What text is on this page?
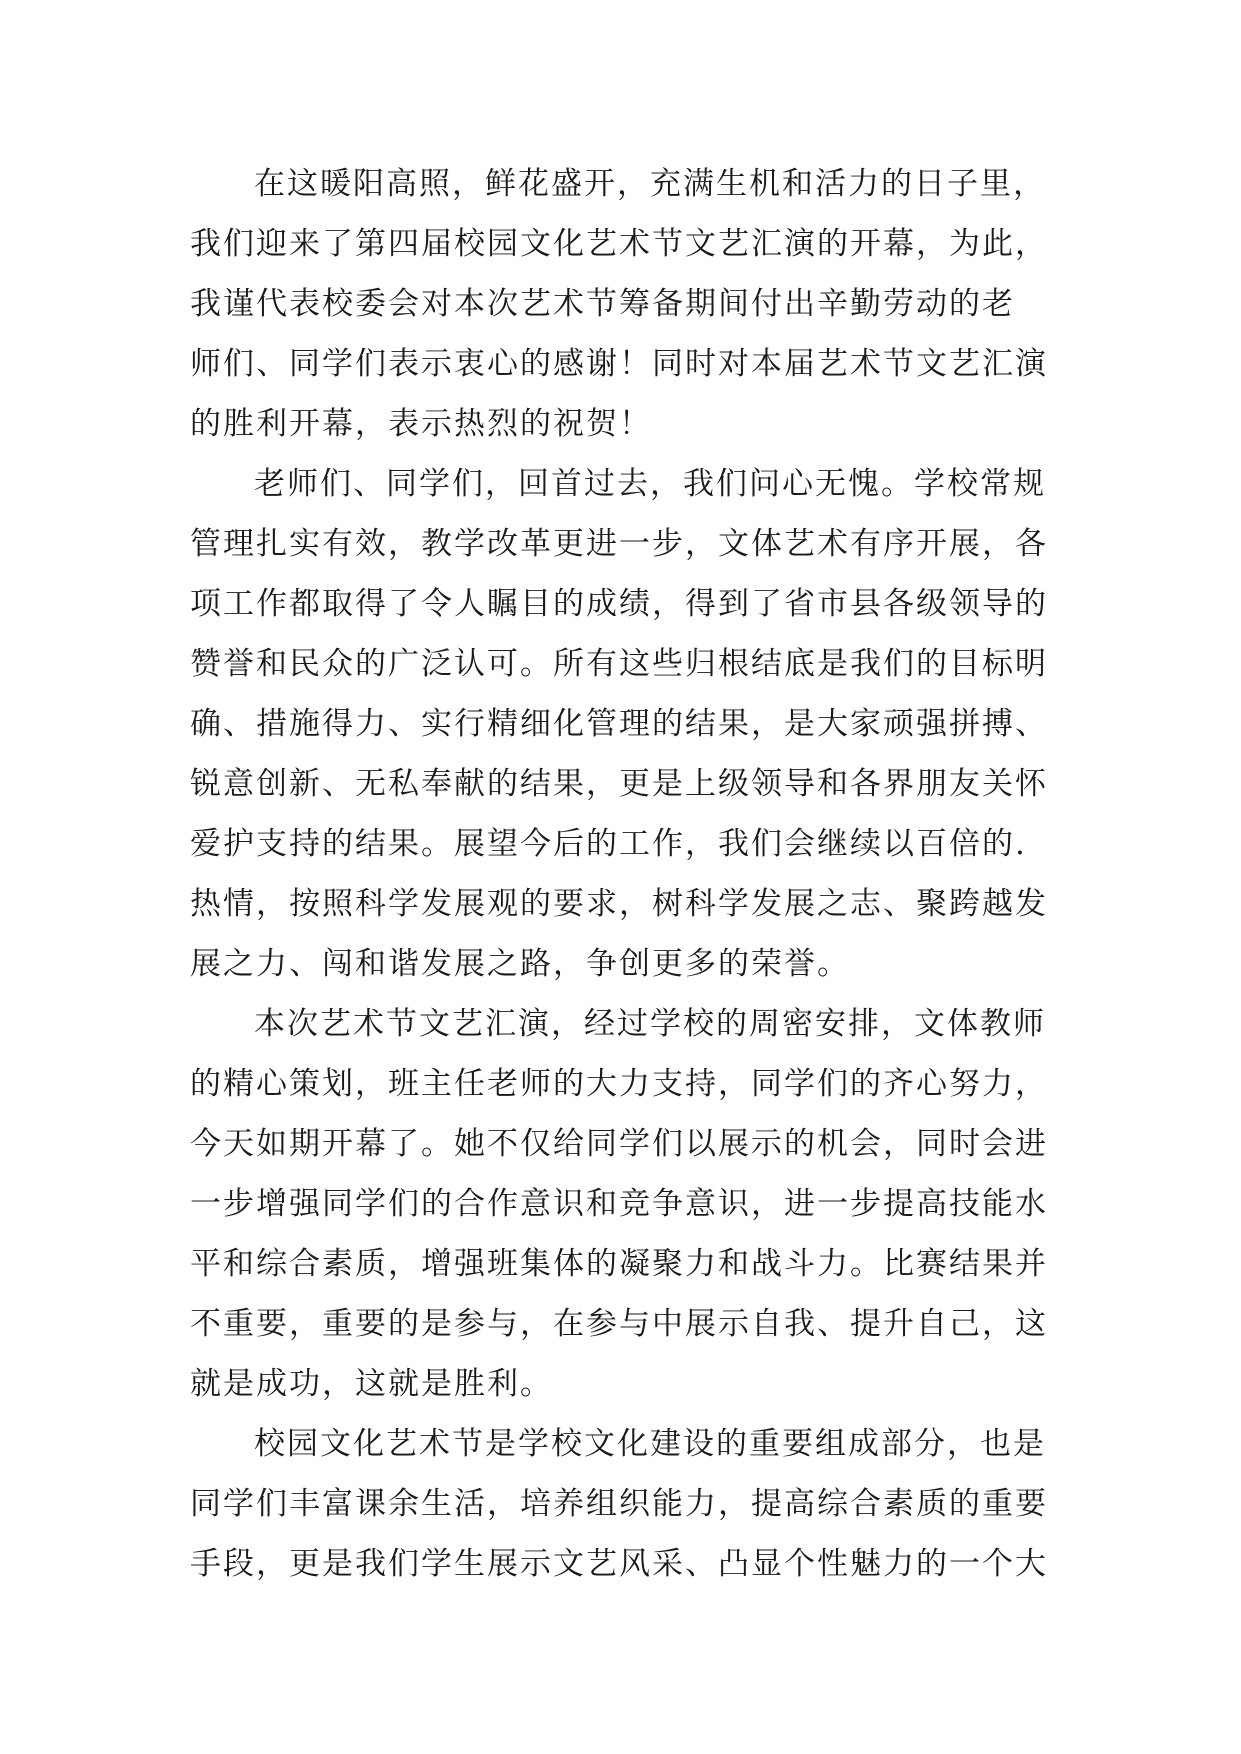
在这暖阳高照，鲜花盛开，充满生机和活力的日子里，
我们迎来了第四届校园文化艺术节文艺汇演的开幕，为此，
我谨代表校委会对本次艺术节筹备期间付出辛勤劳动的老
师们、同学们表示衷心的感谢！同时对本届艺术节文艺汇演
的胜利开幕，表示热烈的祝贺！
老师们、同学们，回首过去，我们问心无愧。学校常规
管理扎实有效，教学改革更进一步，文体艺术有序开展，各
项工作都取得了令人瞩目的成绩，得到了省市县各级领导的
赞誉和民众的广泛认可。所有这些归根结底是我们的目标明
确、措施得力、实行精细化管理的结果，是大家顽强拼搏、
锐意创新、无私奉献的结果，更是上级领导和各界朋友关怀
爱护支持的结果。展望今后的工作，我们会继续以百倍的.
热情，按照科学发展观的要求，树科学发展之志、聚跨越发
展之力、闯和谐发展之路，争创更多的荣誉。
本次艺术节文艺汇演，经过学校的周密安排，文体教师
的精心策划，班主任老师的大力支持，同学们的齐心努力，
今天如期开幕了。她不仅给同学们以展示的机会，同时会进
一步增强同学们的合作意识和竞争意识，进一步提高技能水
平和综合素质，增强班集体的凝聚力和战斗力。比赛结果并
不重要，重要的是参与，在参与中展示自我、提升自己，这
就是成功，这就是胜利。
校园文化艺术节是学校文化建设的重要组成部分，也是
同学们丰富课余生活，培养组织能力，提高综合素质的重要
手段，更是我们学生展示文艺风采、凸显个性魅力的一个大
